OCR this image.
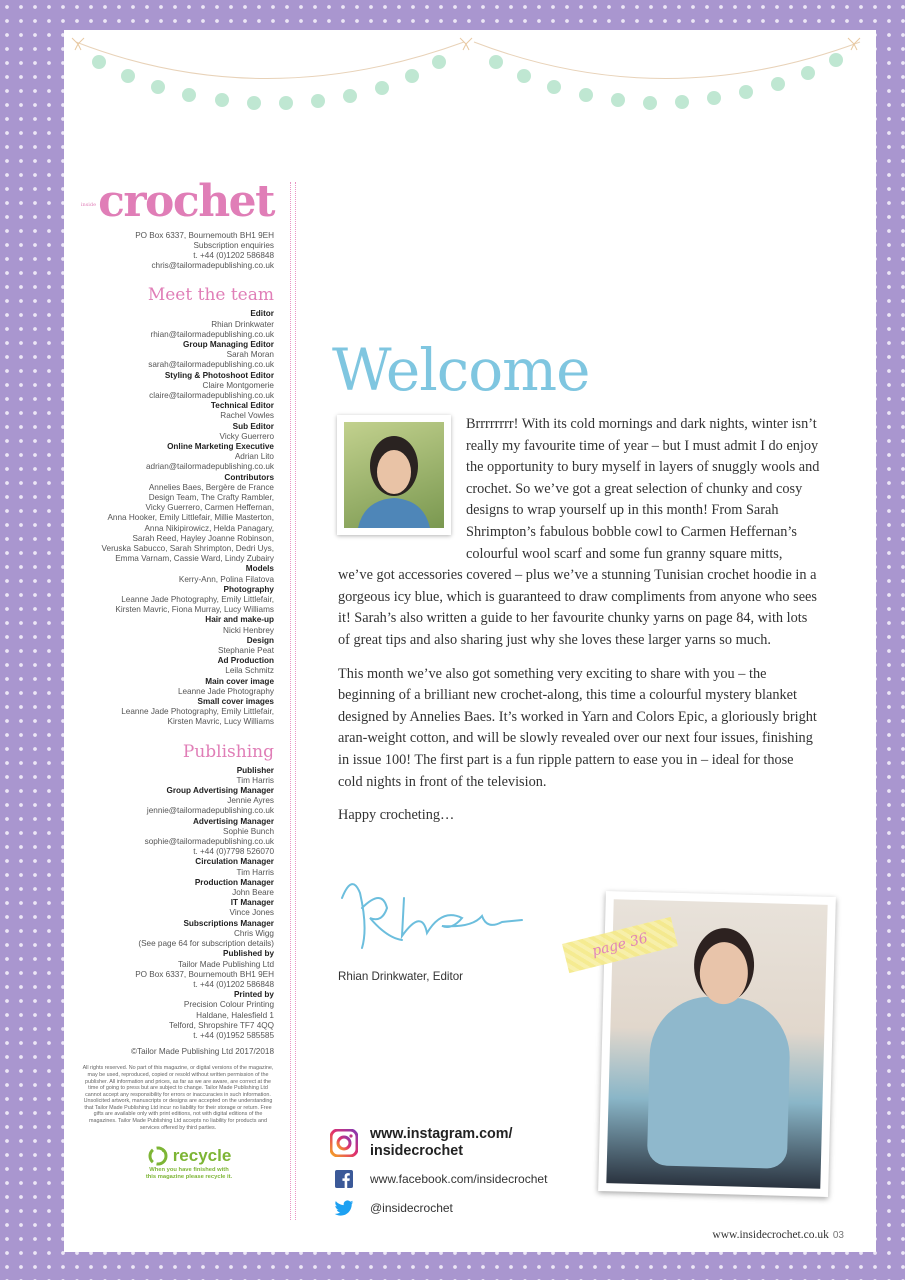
insidecrochet
PO Box 6337, Bournemouth BH1 9EH
Subscription enquiries
t. +44 (0)1202 586848
chris@tailormadepublishing.co.uk
Meet the team
Editor
Rhian Drinkwater
rhian@tailormadepublishing.co.uk
Group Managing Editor
Sarah Moran
sarah@tailormadepublishing.co.uk
Styling & Photoshoot Editor
Claire Montgomerie
claire@tailormadepublishing.co.uk
Technical Editor
Rachel Vowles
Sub Editor
Vicky Guerrero
Online Marketing Executive
Adrian Lito
adrian@tailormadepublishing.co.uk
Contributors
Annelies Baes, Bergère de France
Design Team, The Crafty Rambler,
Vicky Guerrero, Carmen Heffernan,
Anna Hooker, Emily Littlefair, Millie Masterton,
Anna Nikipirowicz, Helda Panagary,
Sarah Reed, Hayley Joanne Robinson,
Veruska Sabucco, Sarah Shrimpton, Dedri Uys,
Emma Varnam, Cassie Ward, Lindy Zubairy
Models
Kerry-Ann, Polina Filatova
Photography
Leanne Jade Photography, Emily Littlefair,
Kirsten Mavric, Fiona Murray, Lucy Williams
Hair and make-up
Nicki Henbrey
Design
Stephanie Peat
Ad Production
Leila Schmitz
Main cover image
Leanne Jade Photography
Small cover images
Leanne Jade Photography, Emily Littlefair,
Kirsten Mavric, Lucy Williams
Publishing
Publisher
Tim Harris
Group Advertising Manager
Jennie Ayres
jennie@tailormadepublishing.co.uk
Advertising Manager
Sophie Bunch
sophie@tailormadepublishing.co.uk
t. +44 (0)7798 526070
Circulation Manager
Tim Harris
Production Manager
John Beare
IT Manager
Vince Jones
Subscriptions Manager
Chris Wigg
(See page 64 for subscription details)
Published by
Tailor Made Publishing Ltd
PO Box 6337, Bournemouth BH1 9EH
t. +44 (0)1202 586848
Printed by
Precision Colour Printing
Haldane, Halesfield 1
Telford, Shropshire TF7 4QQ
t. +44 (0)1952 585585
©Tailor Made Publishing Ltd 2017/2018
All rights reserved. No part of this magazine, or digital versions of the magazine, may be used, reproduced, copied or resold without written permission of the publisher. All information and prices, as far as we are aware, are correct at the time of going to press but are subject to change. Tailor Made Publishing Ltd cannot accept any responsibility for errors or inaccuracies in such information. Unsolicited artwork, manuscripts or designs are accepted on the understanding that Tailor Made Publishing Ltd incur no liability for their storage or return. Free gifts are available only with print editions, not with digital editions of the magazines. Tailor Made Publishing Ltd accepts no liability for products and services offered by third parties.
recycle
When you have finished with
this magazine please recycle it.
Welcome

Brrrrrrrr! With its cold mornings and dark nights, winter isn’t really my favourite time of year – but I must admit I do enjoy the opportunity to bury myself in layers of snuggly wools and crochet. So we’ve got a great selection of chunky and cosy designs to wrap yourself up in this month! From Sarah Shrimpton’s fabulous bobble cowl to Carmen Heffernan’s colourful wool scarf and some fun granny square mitts, we’ve got accessories covered – plus we’ve a stunning Tunisian crochet hoodie in a gorgeous icy blue, which is guaranteed to draw compliments from anyone who sees it! Sarah’s also written a guide to her favourite chunky yarns on page 84, with lots of great tips and also sharing just why she loves these larger yarns so much.

This month we’ve also got something very exciting to share with you – the beginning of a brilliant new crochet-along, this time a colourful mystery blanket designed by Annelies Baes. It’s worked in Yarn and Colors Epic, a gloriously bright aran-weight cotton, and will be slowly revealed over our next four issues, finishing in issue 100! The first part is a fun ripple pattern to ease you in – ideal for those cold nights in front of the television.

Happy crocheting…

Rhian Drinkwater, Editor
page 36
www.instagram.com/
insidecrochet
www.facebook.com/insidecrochet
@insidecrochet
www.insidecrochet.co.uk 03
